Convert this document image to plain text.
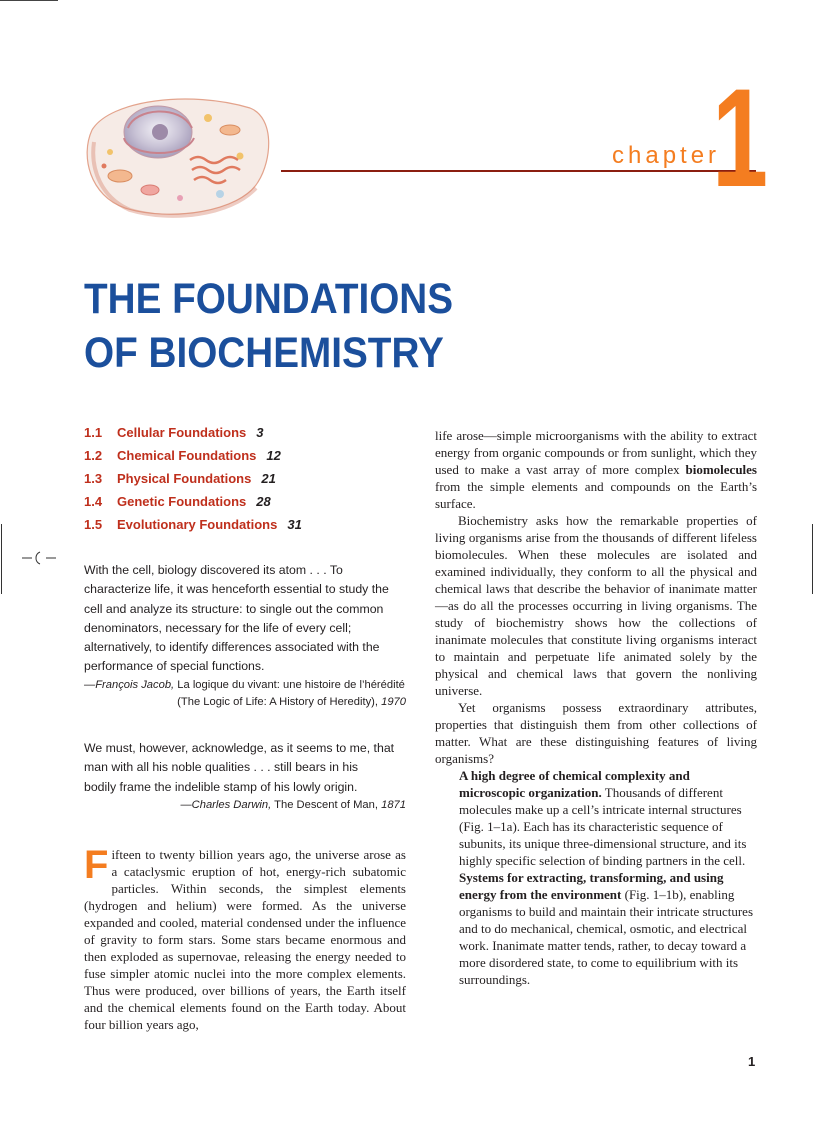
chapter
1
THE FOUNDATIONS
OF BIOCHEMISTRY
1.1 Cellular Foundations 3
1.2 Chemical Foundations 12
1.3 Physical Foundations 21
1.4 Genetic Foundations 28
1.5 Evolutionary Foundations 31
With the cell, biology discovered its atom . . . To
characterize life, it was henceforth essential to study the
cell and analyze its structure: to single out the common
denominators, necessary for the life of every cell;
alternatively, to identify differences associated with the
performance of special functions.
—François Jacob, La logique du vivant: une histoire de l’hérédité
(The Logic of Life: A History of Heredity), 1970
We must, however, acknowledge, as it seems to me, that
man with all his noble qualities . . . still bears in his
bodily frame the indelible stamp of his lowly origin.
—Charles Darwin, The Descent of Man, 1871
Fifteen to twenty billion years ago, the universe arose as a cataclysmic eruption of hot, energy-rich subatomic particles. Within seconds, the simplest elements (hydrogen and helium) were formed. As the universe expanded and cooled, material condensed under the influence of gravity to form stars. Some stars became enormous and then exploded as supernovae, releasing the energy needed to fuse simpler atomic nuclei into the more complex elements. Thus were produced, over billions of years, the Earth itself and the chemical elements found on the Earth today. About four billion years ago,
life arose—simple microorganisms with the ability to extract energy from organic compounds or from sunlight, which they used to make a vast array of more complex biomolecules from the simple elements and compounds on the Earth’s surface.
Biochemistry asks how the remarkable properties of living organisms arise from the thousands of different lifeless biomolecules. When these molecules are isolated and examined individually, they conform to all the physical and chemical laws that describe the behavior of inanimate matter—as do all the processes occurring in living organisms. The study of biochemistry shows how the collections of inanimate molecules that constitute living organisms interact to maintain and perpetuate life animated solely by the physical and chemical laws that govern the nonliving universe.
Yet organisms possess extraordinary attributes, properties that distinguish them from other collections of matter. What are these distinguishing features of living organisms?
A high degree of chemical complexity and microscopic organization. Thousands of different molecules make up a cell’s intricate internal structures (Fig. 1–1a). Each has its characteristic sequence of subunits, its unique three-dimensional structure, and its highly specific selection of binding partners in the cell.
Systems for extracting, transforming, and using energy from the environment (Fig. 1–1b), enabling organisms to build and maintain their intricate structures and to do mechanical, chemical, osmotic, and electrical work. Inanimate matter tends, rather, to decay toward a more disordered state, to come to equilibrium with its surroundings.
1
